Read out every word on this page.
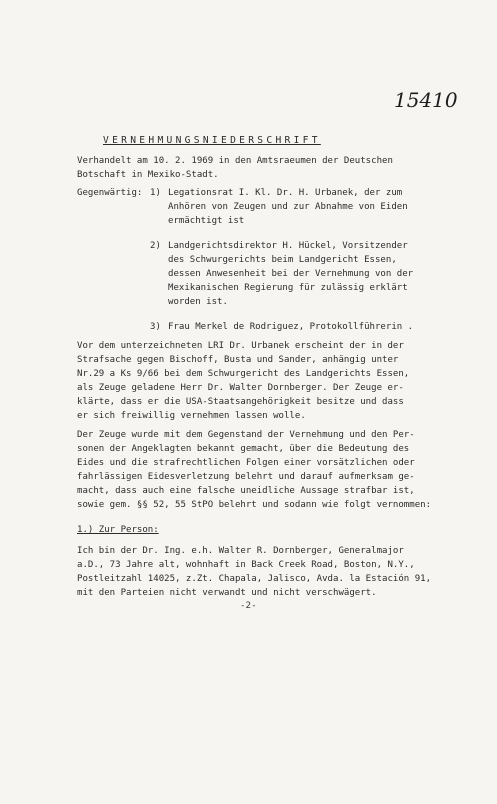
15410
VERNEHMUNGSNIEDERSCHRIFT
Verhandelt am 10. 2. 1969 in den Amtsraeumen der Deutschen
Botschaft in Mexiko-Stadt.
Gegenwärtig: 1) Legationsrat I. Kl. Dr. H. Urbanek, der zum
Anhören von Zeugen und zur Abnahme von Eiden
ermächtigt ist
2) Landgerichtsdirektor H. Hückel, Vorsitzender
des Schwurgerichts beim Landgericht Essen,
dessen Anwesenheit bei der Vernehmung von der
Mexikanischen Regierung für zulässig erklärt
worden ist.
3) Frau Merkel de Rodriguez, Protokollführerin .
Vor dem unterzeichneten LRI Dr. Urbanek erscheint der in der
Strafsache gegen Bischoff, Busta und Sander, anhängig unter
Nr.29 a Ks 9/66 bei dem Schwurgericht des Landgerichts Essen,
als Zeuge geladene Herr Dr. Walter Dornberger. Der Zeuge er-
klärte, dass er die USA-Staatsangehörigkeit besitze und dass
er sich freiwillig vernehmen lassen wolle.
Der Zeuge wurde mit dem Gegenstand der Vernehmung und den Per-
sonen der Angeklagten bekannt gemacht, über die Bedeutung des
Eides und die strafrechtlichen Folgen einer vorsätzlichen oder
fahrlässigen Eidesverletzung belehrt und darauf aufmerksam ge-
macht, dass auch eine falsche uneidliche Aussage strafbar ist,
sowie gem. §§ 52, 55 StPO belehrt und sodann wie folgt vernommen:
1.) Zur Person:
Ich bin der Dr. Ing. e.h. Walter R. Dornberger, Generalmajor
a.D., 73 Jahre alt, wohnhaft in Back Creek Road, Boston, N.Y.,
Postleitzahl 14025, z.Zt. Chapala, Jalisco, Avda. la Estación 91,
mit den Parteien nicht verwandt und nicht verschwägert.
-2-
